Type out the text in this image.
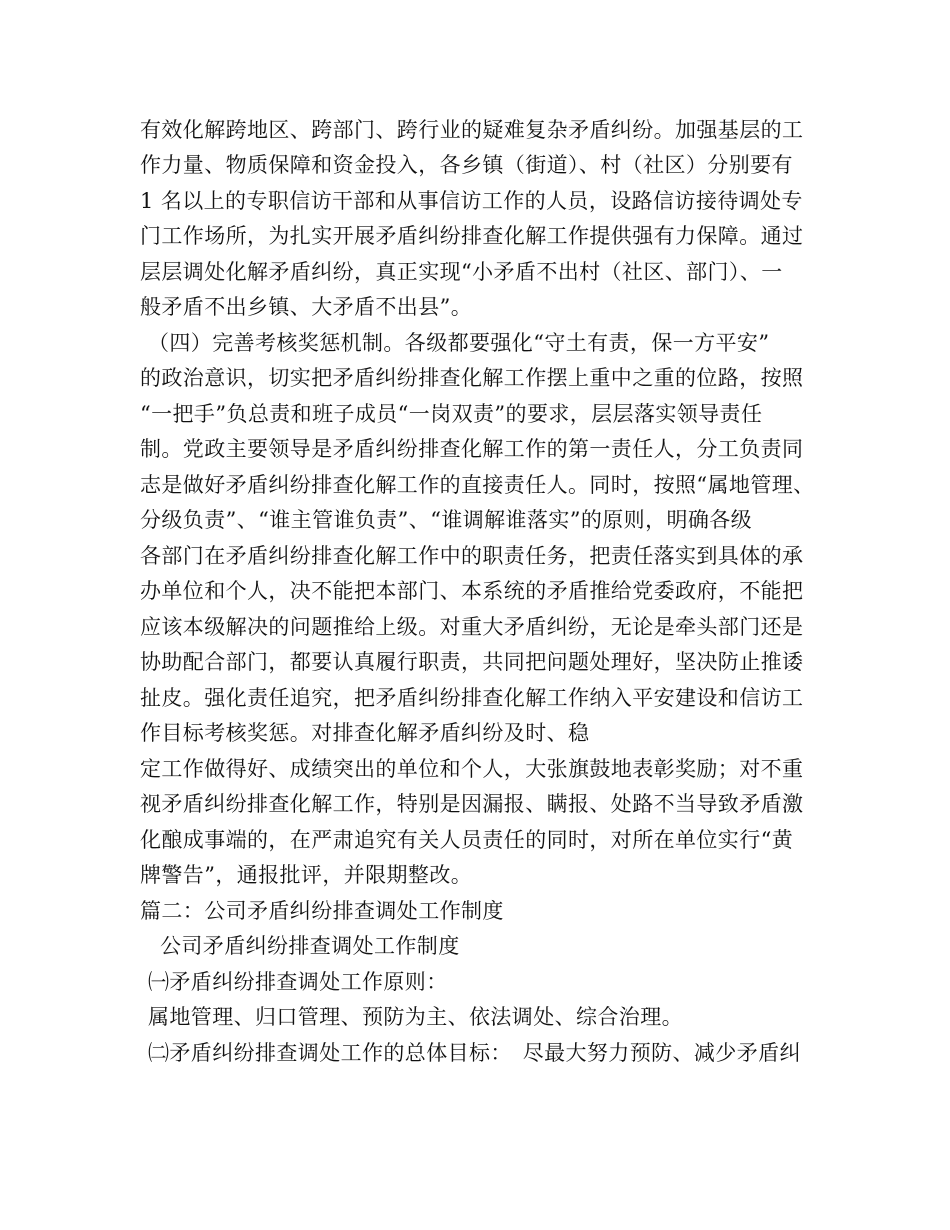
有效化解跨地区、跨部门、跨行业的疑难复杂矛盾纠纷。加强基层的工
作力量、物质保障和资金投入，各乡镇（街道）、村（社区）分别要有
1 名以上的专职信访干部和从事信访工作的人员，设路信访接待调处专
门工作场所，为扎实开展矛盾纠纷排查化解工作提供强有力保障。通过
层层调处化解矛盾纠纷，真正实现“小矛盾不出村（社区、部门）、一
般矛盾不出乡镇、大矛盾不出县”。
（四）完善考核奖惩机制。各级都要强化“守土有责，保一方平安”
的政治意识，切实把矛盾纠纷排查化解工作摆上重中之重的位路，按照
“一把手”负总责和班子成员“一岗双责”的要求，层层落实领导责任
制。党政主要领导是矛盾纠纷排查化解工作的第一责任人，分工负责同
志是做好矛盾纠纷排查化解工作的直接责任人。同时，按照“属地管理、
分级负责”、“谁主管谁负责”、“谁调解谁落实”的原则，明确各级
各部门在矛盾纠纷排查化解工作中的职责任务，把责任落实到具体的承
办单位和个人，决不能把本部门、本系统的矛盾推给党委政府，不能把
应该本级解决的问题推给上级。对重大矛盾纠纷，无论是牵头部门还是
协助配合部门，都要认真履行职责，共同把问题处理好，坚决防止推诿
扯皮。强化责任追究，把矛盾纠纷排查化解工作纳入平安建设和信访工
作目标考核奖惩。对排查化解矛盾纠纷及时、稳
定工作做得好、成绩突出的单位和个人，大张旗鼓地表彰奖励；对不重
视矛盾纠纷排查化解工作，特别是因漏报、瞒报、处路不当导致矛盾激
化酿成事端的，在严肃追究有关人员责任的同时，对所在单位实行“黄
牌警告”，通报批评，并限期整改。
篇二：公司矛盾纠纷排查调处工作制度
公司矛盾纠纷排查调处工作制度
㈠矛盾纠纷排查调处工作原则：
属地管理、归口管理、预防为主、依法调处、综合治理。
㈡矛盾纠纷排查调处工作的总体目标：　尽最大努力预防、减少矛盾纠
